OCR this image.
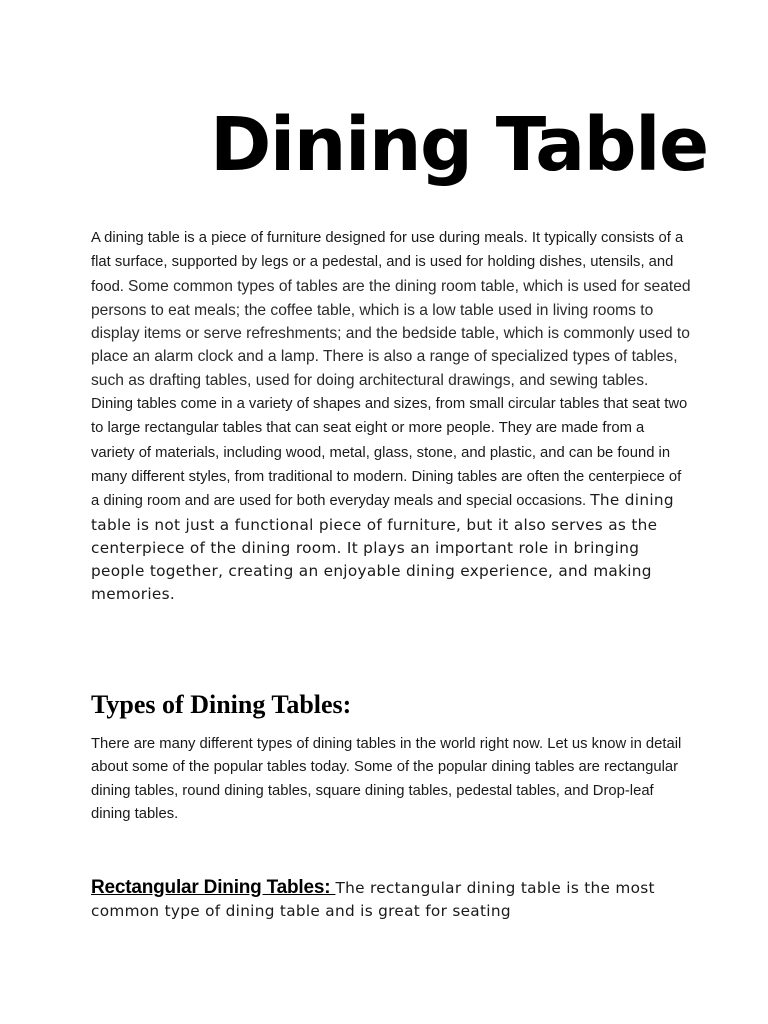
Dining Table
A dining table is a piece of furniture designed for use during meals. It typically consists of a flat surface, supported by legs or a pedestal, and is used for holding dishes, utensils, and food. Some common types of tables are the dining room table, which is used for seated persons to eat meals; the coffee table, which is a low table used in living rooms to display items or serve refreshments; and the bedside table, which is commonly used to place an alarm clock and a lamp. There is also a range of specialized types of tables, such as drafting tables, used for doing architectural drawings, and sewing tables. Dining tables come in a variety of shapes and sizes, from small circular tables that seat two to large rectangular tables that can seat eight or more people. They are made from a variety of materials, including wood, metal, glass, stone, and plastic, and can be found in many different styles, from traditional to modern. Dining tables are often the centerpiece of a dining room and are used for both everyday meals and special occasions. The dining table is not just a functional piece of furniture, but it also serves as the centerpiece of the dining room. It plays an important role in bringing people together, creating an enjoyable dining experience, and making memories.
Types of Dining Tables:
There are many different types of dining tables in the world right now. Let us know in detail about some of the popular tables today. Some of the popular dining tables are rectangular dining tables, round dining tables, square dining tables, pedestal tables, and Drop-leaf dining tables.
Rectangular Dining Tables: The rectangular dining table is the most common type of dining table and is great for seating
